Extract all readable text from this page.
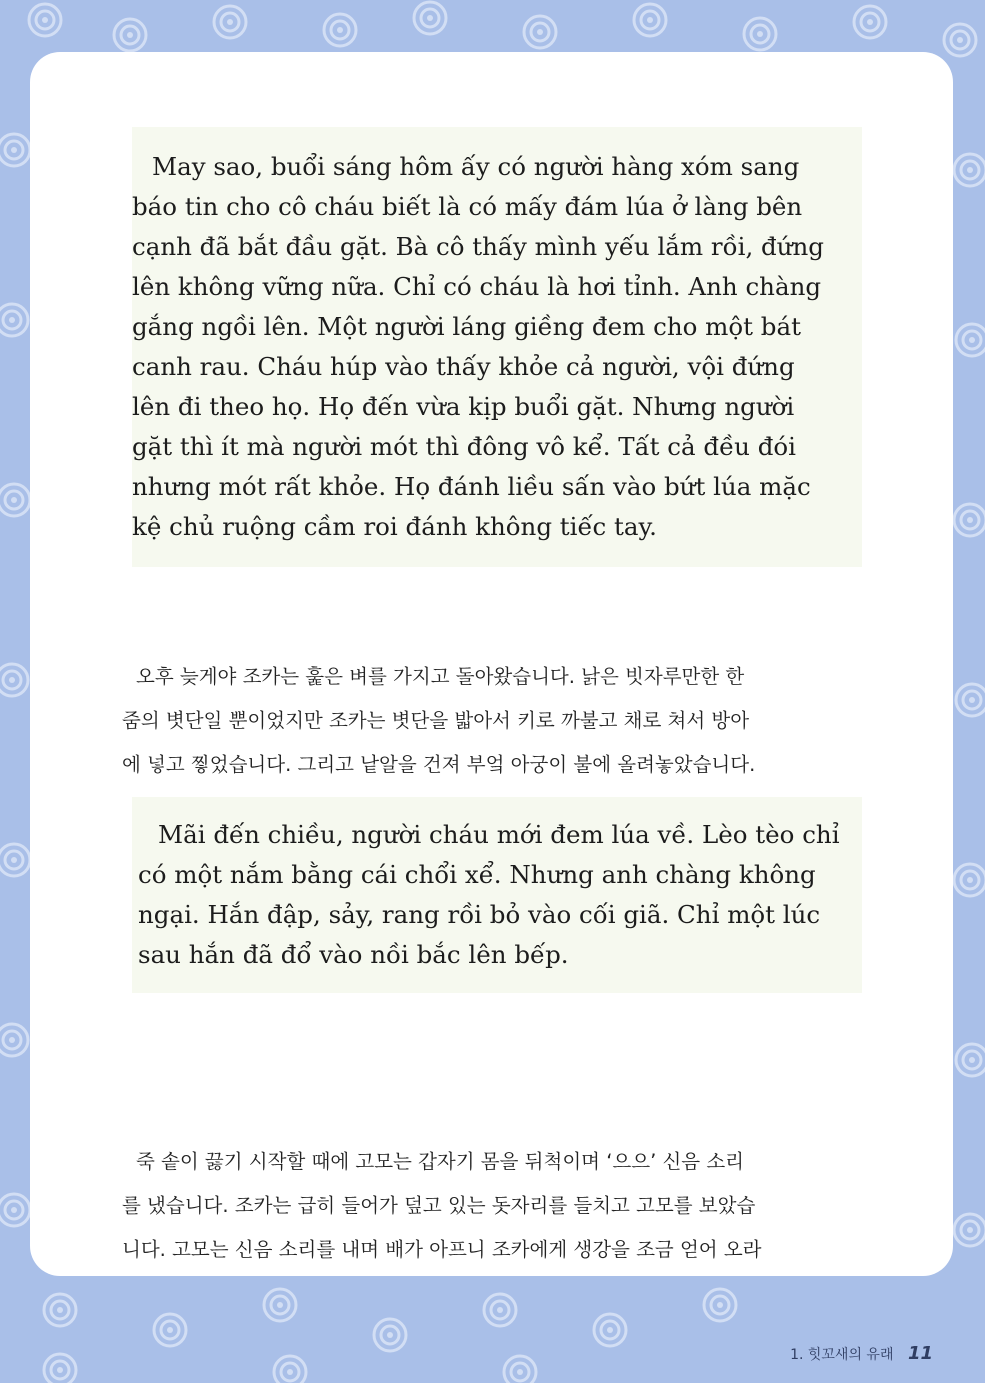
May sao, buổi sáng hôm ấy có người hàng xóm sang
báo tin cho cô cháu biết là có mấy đám lúa ở làng bên
cạnh đã bắt đầu gặt. Bà cô thấy mình yếu lắm rồi, đứng
lên không vững nữa. Chỉ có cháu là hơi tỉnh. Anh chàng
gắng ngồi lên. Một người láng giềng đem cho một bát
canh rau. Cháu húp vào thấy khỏe cả người, vội đứng
lên đi theo họ. Họ đến vừa kịp buổi gặt. Nhưng người
gặt thì ít mà người mót thì đông vô kể. Tất cả đều đói
nhưng mót rất khỏe. Họ đánh liều sấn vào bứt lúa mặc
kệ chủ ruộng cầm roi đánh không tiếc tay.

오후 늦게야 조카는 훑은 벼를 가지고 돌아왔습니다. 낡은 빗자루만한 한
줌의 볏단일 뿐이었지만 조카는 볏단을 밟아서 키로 까불고 채로 쳐서 방아
에 넣고 찧었습니다. 그리고 낱알을 건져 부엌 아궁이 불에 올려놓았습니다.

Mãi đến chiều, người cháu mới đem lúa về. Lèo tèo chỉ
có một nắm bằng cái chổi xể. Nhưng anh chàng không
ngại. Hắn đập, sảy, rang rồi bỏ vào cối giã. Chỉ một lúc
sau hắn đã đổ vào nồi bắc lên bếp.

죽 솥이 끓기 시작할 때에 고모는 갑자기 몸을 뒤척이며 ‘으으’ 신음 소리
를 냈습니다. 조카는 급히 들어가 덮고 있는 돗자리를 들치고 고모를 보았습
니다. 고모는 신음 소리를 내며 배가 아프니 조카에게 생강을 조금 얻어 오라
1. 힛꼬새의 유래 11
